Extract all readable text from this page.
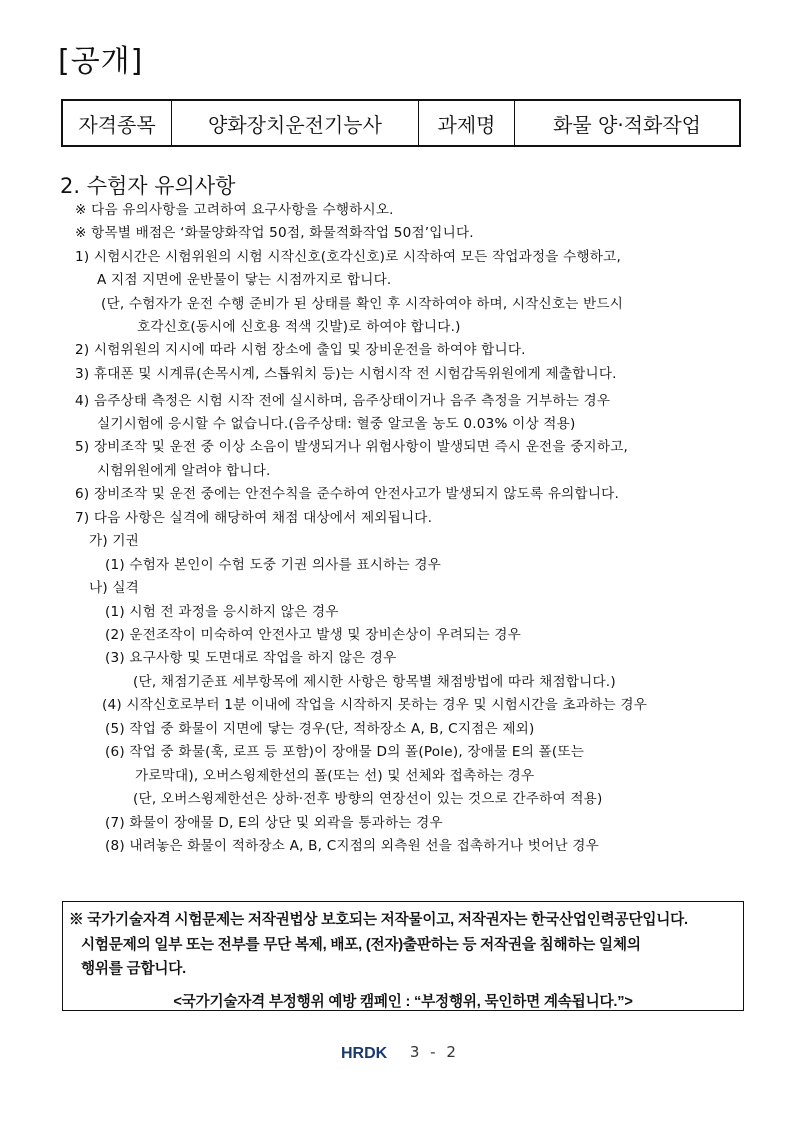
[공개]
자격종목	양화장치운전기능사	과제명	화물 양·적화작업
2. 수험자 유의사항
※ 다음 유의사항을 고려하여 요구사항을 수행하시오.
※ 항목별 배점은 ‘화물양화작업 50점, 화물적화작업 50점’입니다.
1) 시험시간은 시험위원의 시험 시작신호(호각신호)로 시작하여 모든 작업과정을 수행하고,
A 지점 지면에 운반물이 닿는 시점까지로 합니다.
(단, 수험자가 운전 수행 준비가 된 상태를 확인 후 시작하여야 하며, 시작신호는 반드시
호각신호(동시에 신호용 적색 깃발)로 하여야 합니다.)
2) 시험위원의 지시에 따라 시험 장소에 출입 및 장비운전을 하여야 합니다.
3) 휴대폰 및 시계류(손목시계, 스톱워치 등)는 시험시작 전 시험감독위원에게 제출합니다.
4) 음주상태 측정은 시험 시작 전에 실시하며, 음주상태이거나 음주 측정을 거부하는 경우
실기시험에 응시할 수 없습니다.(음주상태: 혈중 알코올 농도 0.03% 이상 적용)
5) 장비조작 및 운전 중 이상 소음이 발생되거나 위험사항이 발생되면 즉시 운전을 중지하고,
시험위원에게 알려야 합니다.
6) 장비조작 및 운전 중에는 안전수칙을 준수하여 안전사고가 발생되지 않도록 유의합니다.
7) 다음 사항은 실격에 해당하여 채점 대상에서 제외됩니다.
가) 기권
(1) 수험자 본인이 수험 도중 기권 의사를 표시하는 경우
나) 실격
(1) 시험 전 과정을 응시하지 않은 경우
(2) 운전조작이 미숙하여 안전사고 발생 및 장비손상이 우려되는 경우
(3) 요구사항 및 도면대로 작업을 하지 않은 경우
(단, 채점기준표 세부항목에 제시한 사항은 항목별 채점방법에 따라 채점합니다.)
(4) 시작신호로부터 1분 이내에 작업을 시작하지 못하는 경우 및 시험시간을 초과하는 경우
(5) 작업 중 화물이 지면에 닿는 경우(단, 적하장소 A, B, C지점은 제외)
(6) 작업 중 화물(훅, 로프 등 포함)이 장애물 D의 폴(Pole), 장애물 E의 폴(또는
가로막대), 오버스윙제한선의 폴(또는 선) 및 선체와 접촉하는 경우
(단, 오버스윙제한선은 상하·전후 방향의 연장선이 있는 것으로 간주하여 적용)
(7) 화물이 장애물 D, E의 상단 및 외곽을 통과하는 경우
(8) 내려놓은 화물이 적하장소 A, B, C지점의 외측원 선을 접촉하거나 벗어난 경우
※ 국가기술자격 시험문제는 저작권법상 보호되는 저작물이고, 저작권자는 한국산업인력공단입니다.
시험문제의 일부 또는 전부를 무단 복제, 배포, (전자)출판하는 등 저작권을 침해하는 일체의
행위를 금합니다.
<국가기술자격 부정행위 예방 캠페인 : “부정행위, 묵인하면 계속됩니다.”>
HRDK 3 - 2
